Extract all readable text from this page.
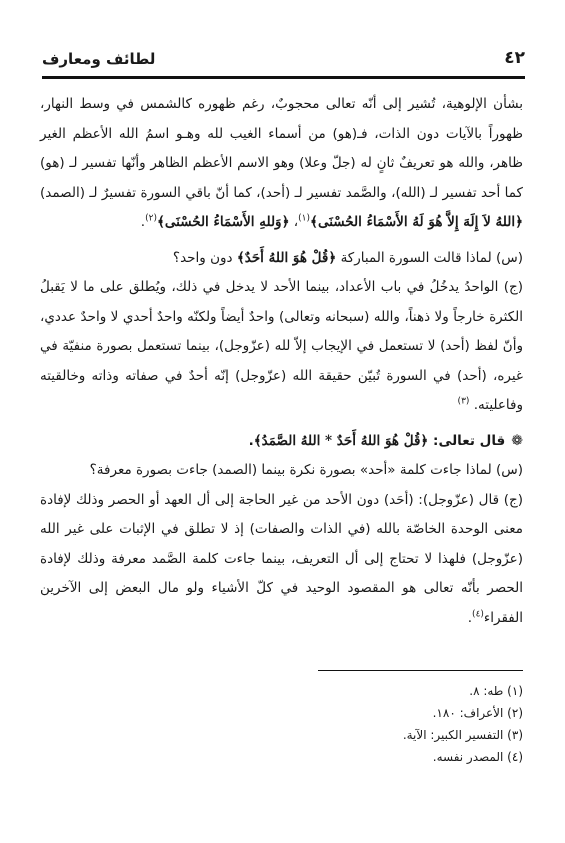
لطائف ومعارف	٤٢

بشأن الإلوهية، تُشير إلى أنّه تعالى محجوبٌ، رغم ظهوره كالشمس في وسط النهار، ظهوراً بالآيات دون الذات، فـ(هو) من أسماء الغيب لله وهـو اسمُ الله الأعظم الغير ظاهر، والله هو تعريفٌ ثانٍ له (جلّ وعلا) وهو الاسم الأعظم الظاهر وأنّها تفسير لـ (هو) كما أحد تفسير لـ (الله)، والصَّمد تفسير لـ (أحد)، كما أنّ باقي السورة تفسيرٌ لـ (الصمد) ﴿اللهُ لاَ إِلَهَ إِلاَّ هُوَ لَهُ الأَسْمَاءُ الحُسْنَى﴾$^{(١)}$، ﴿وَللهِ الأَسْمَاءُ الحُسْنَى﴾$^{(٢)}$.

(س) لماذا قالت السورة المباركة ﴿قُلْ هُوَ اللهُ أَحَدٌ﴾ دون واحد؟

(ج) الواحدُ يدخُلُ في باب الأعداد، بينما الأحد لا يدخل في ذلك، ويُطلق على ما لا يَقبلُ الكثرة خارجاً ولا ذهناً، والله (سبحانه وتعالى) واحدٌ أيضاً ولكنّه واحدٌ أحدي لا واحدٌ عددي، وأنّ لفظ (أحد) لا تستعمل في الإيجاب إلاّ لله (عزّوجل)، بينما تستعمل بصورة منفيّة في غيره، (أحد) في السورة تُبيّن حقيقة الله (عزّوجل) إنّه أحدٌ في صفاته وذاته وخالقيته وفاعليته. $^{(٣)}$

❁قال تعالى: ﴿قُلْ هُوَ اللهُ أَحَدٌ * اللهُ الصَّمَدُ﴾.

(س) لماذا جاءت كلمة «أحد» بصورة نكرة بينما (الصمد) جاءت بصورة معرفة؟

(ج) قال (عزّوجل): (أحَد) دون الأحد من غير الحاجة إلى أل العهد أو الحصر وذلك لإفادة معنى الوحدة الخاصّة بالله (في الذات والصفات) إذ لا تطلق في الإثبات على غير الله (عزّوجل) فلهذا لا تحتاج إلى أل التعريف، بينما جاءت كلمة الصَّمد معرفة وذلك لإفادة الحصر بأنّه تعالى هو المقصود الوحيد في كلّ الأشياء ولو مال البعض إلى الآخرين الفقراء$^{(٤)}$.

(١) طه: ٨.
(٢) الأعراف: ١٨٠.
(٣) التفسير الكبير: الآية.
(٤) المصدر نفسه.
